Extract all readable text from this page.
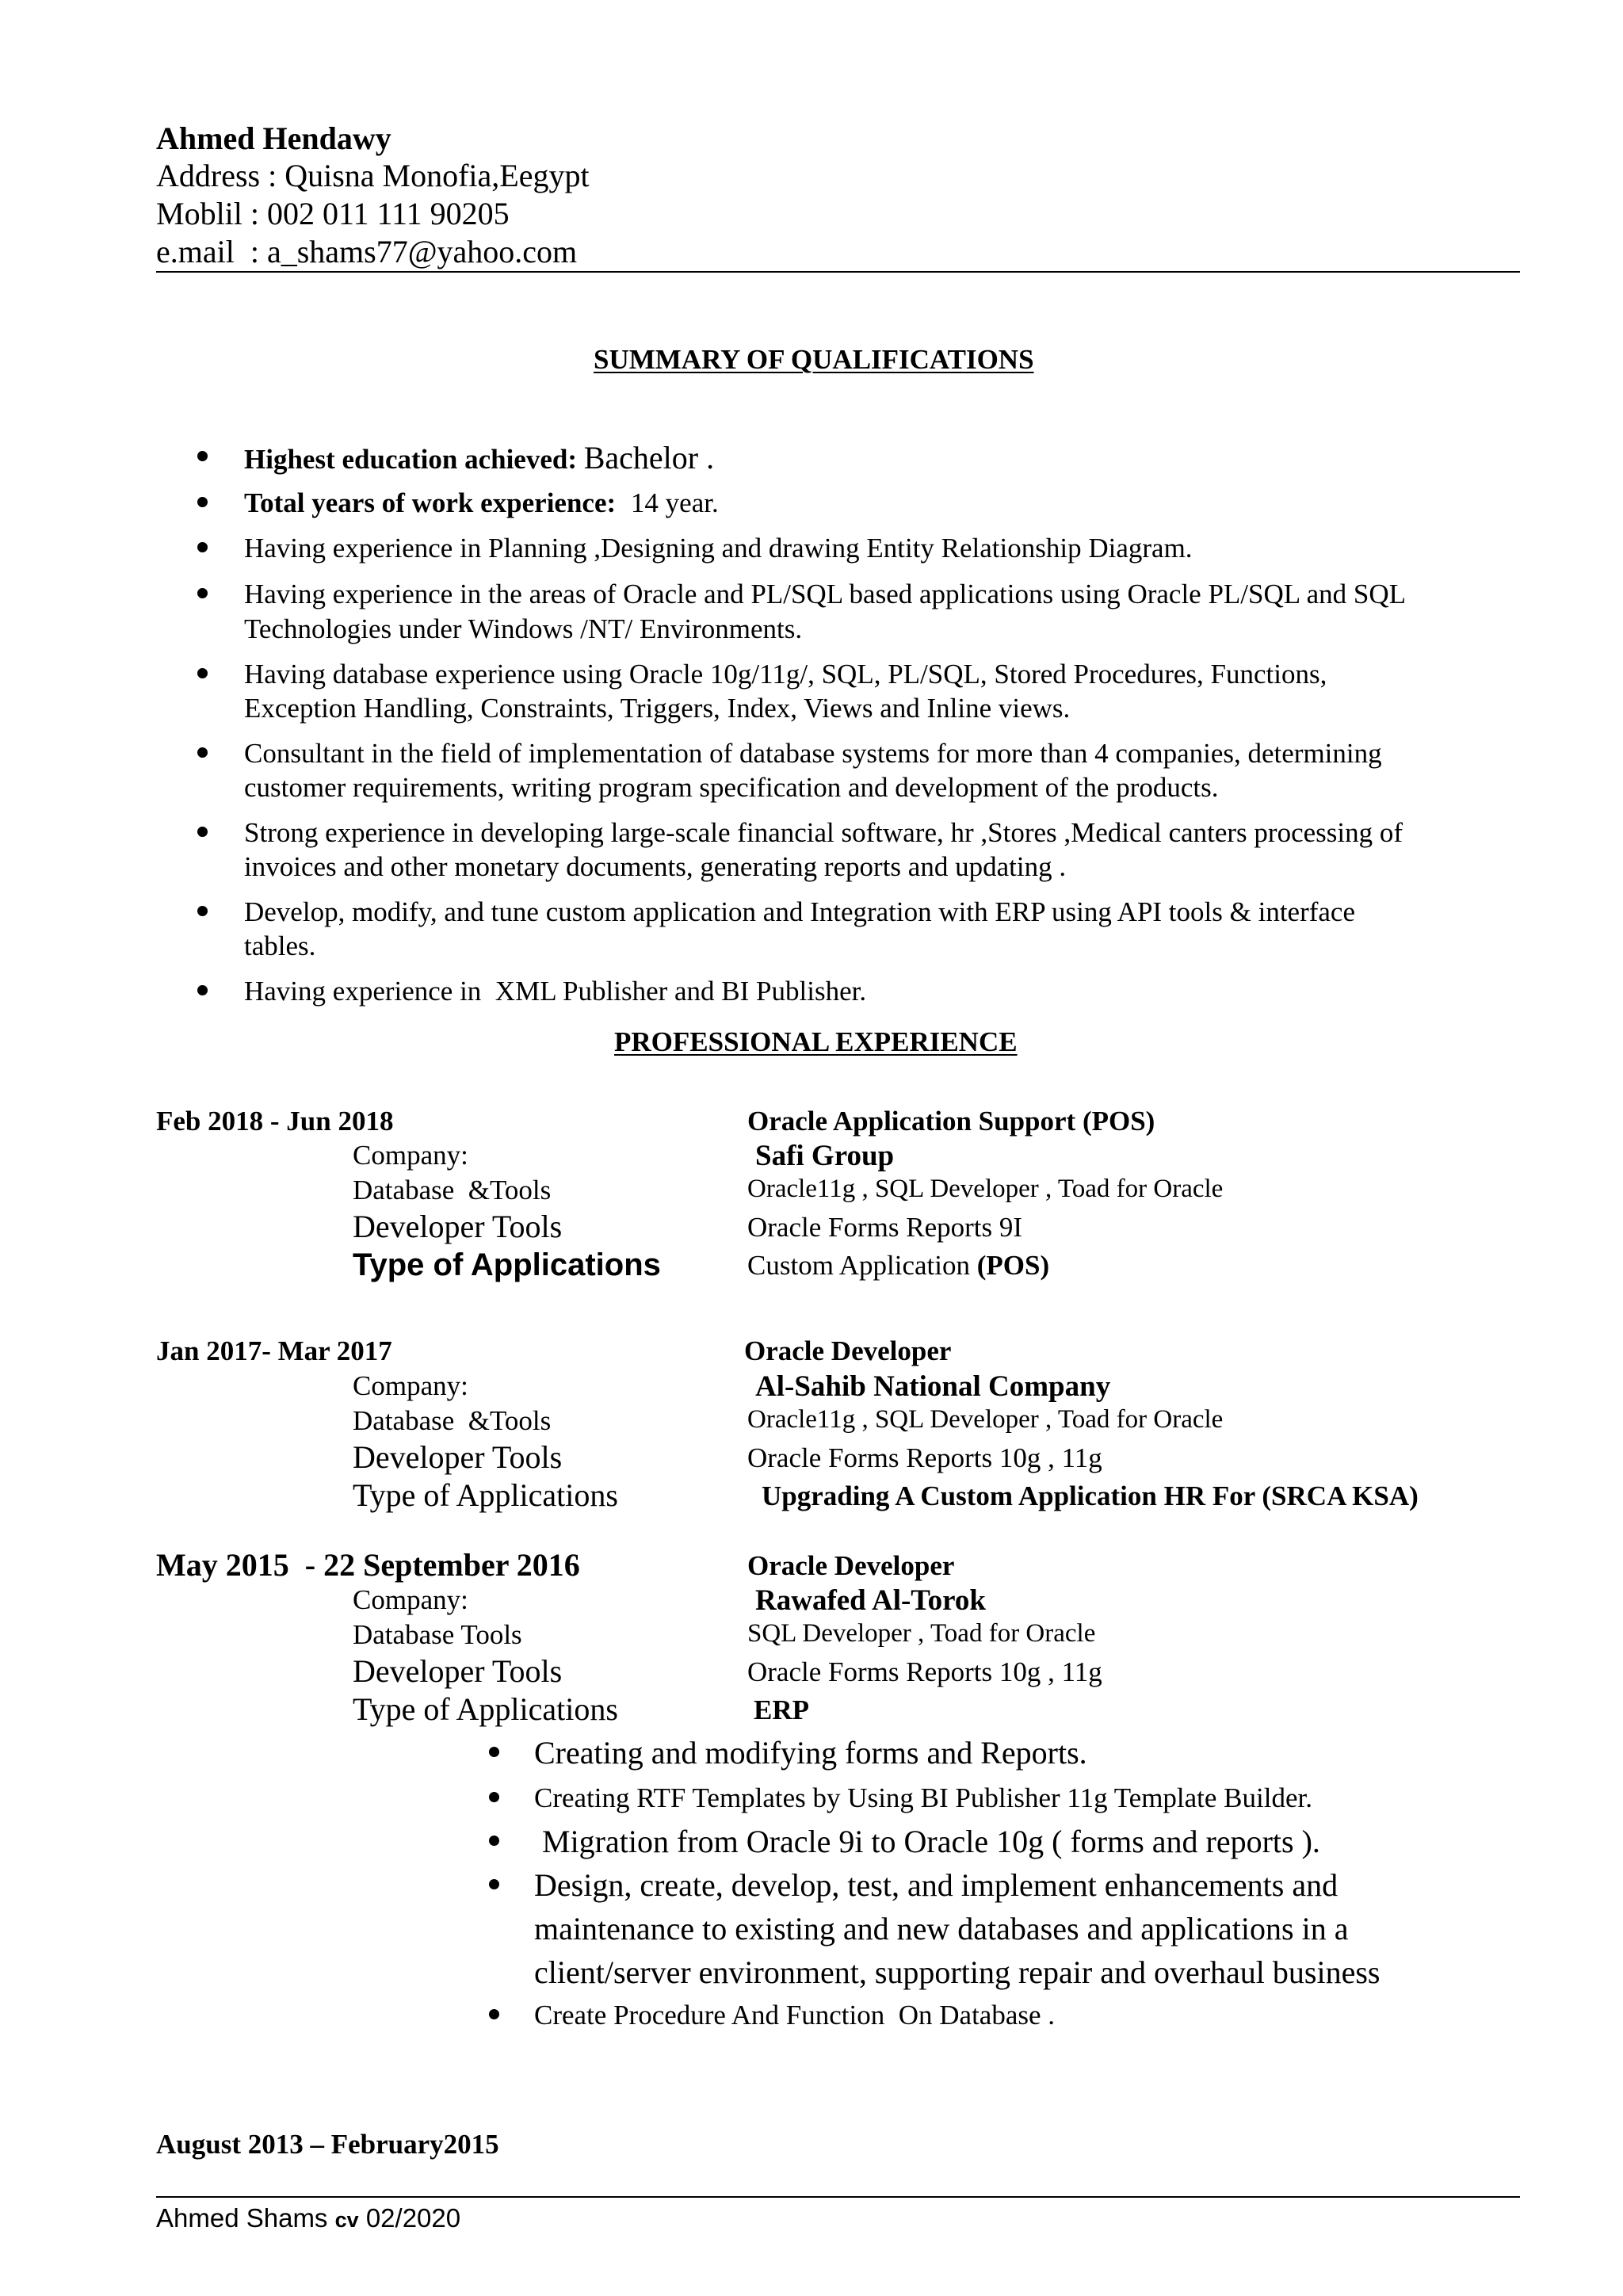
Ahmed Hendawy
Address : Quisna Monofia,Eegypt
Moblil : 002 011 111 90205
e.mail  : a_shams77@yahoo.com
SUMMARY OF QUALIFICATIONS
Highest education achieved: Bachelor .
Total years of work experience: 14 year.
Having experience in Planning ,Designing and drawing Entity Relationship Diagram.
Having experience in the areas of Oracle and PL/SQL based applications using Oracle PL/SQL and SQL
Technologies under Windows /NT/ Environments.
Having database experience using Oracle 10g/11g/, SQL, PL/SQL, Stored Procedures, Functions,
Exception Handling, Constraints, Triggers, Index, Views and Inline views.
Consultant in the field of implementation of database systems for more than 4 companies, determining
customer requirements, writing program specification and development of the products.
Strong experience in developing large-scale financial software, hr ,Stores ,Medical canters processing of
invoices and other monetary documents, generating reports and updating .
Develop, modify, and tune custom application and Integration with ERP using API tools & interface
tables.
Having experience in  XML Publisher and BI Publisher.
PROFESSIONAL EXPERIENCE
Feb 2018 - Jun 2018	Oracle Application Support (POS)
Company:	Safi Group
Database  &Tools	Oracle11g , SQL Developer , Toad for Oracle
Developer Tools	Oracle Forms Reports 9I
Type of Applications	Custom Application (POS)
Jan 2017- Mar 2017	Oracle Developer
Company:	Al-Sahib National Company
Database  &Tools	Oracle11g , SQL Developer , Toad for Oracle
Developer Tools	Oracle Forms Reports 10g , 11g
Type of Applications	Upgrading A Custom Application HR For (SRCA KSA)
May 2015  - 22 September 2016	Oracle Developer
Company:	Rawafed Al-Torok
Database Tools	SQL Developer , Toad for Oracle
Developer Tools	Oracle Forms Reports 10g , 11g
Type of Applications	ERP
Creating and modifying forms and Reports.
Creating RTF Templates by Using BI Publisher 11g Template Builder.
Migration from Oracle 9i to Oracle 10g ( forms and reports ).
Design, create, develop, test, and implement enhancements and
maintenance to existing and new databases and applications in a
client/server environment, supporting repair and overhaul business
Create Procedure And Function  On Database .
August 2013 – February2015
Ahmed Shams cv 02/2020
